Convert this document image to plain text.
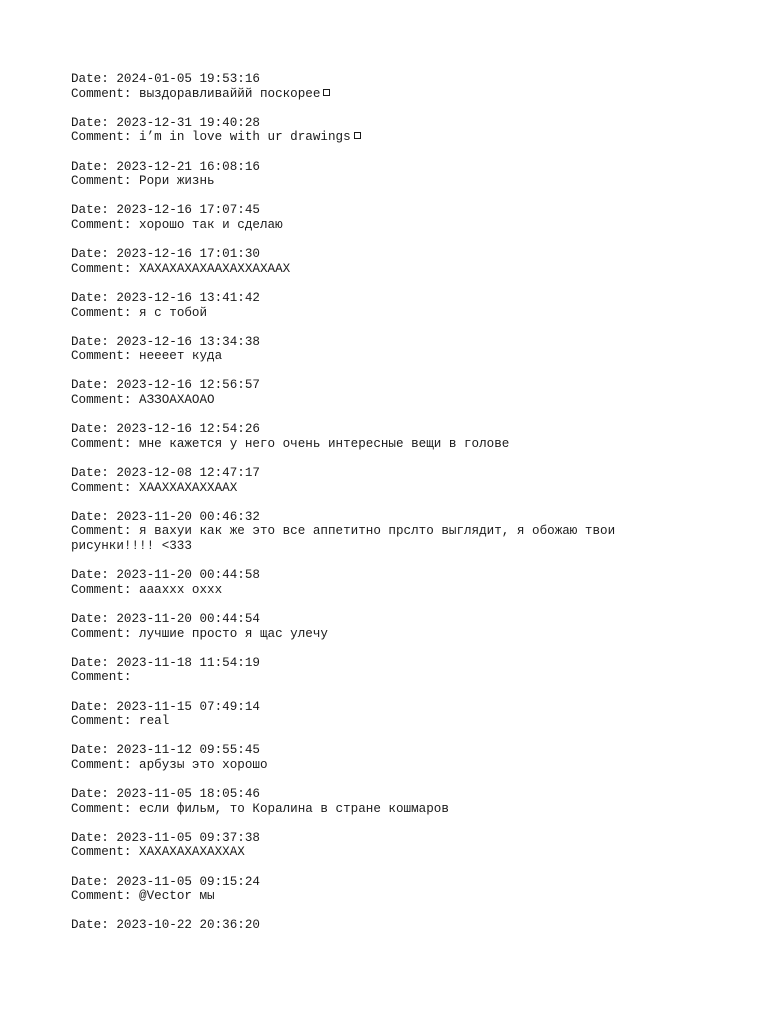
Date: 2024-01-05 19:53:16
Comment: выздоравливаййй поскорее
Date: 2023-12-31 19:40:28
Comment: i’m in love with ur drawings
Date: 2023-12-21 16:08:16
Comment: Рори жизнь
Date: 2023-12-16 17:07:45
Comment: хорошо так и сделаю
Date: 2023-12-16 17:01:30
Comment: ХАХАХАХАХААХАХХАХААХ
Date: 2023-12-16 13:41:42
Comment: я с тобой
Date: 2023-12-16 13:34:38
Comment: нееeет куда
Date: 2023-12-16 12:56:57
Comment: АЗЗОАХАОАО
Date: 2023-12-16 12:54:26
Comment: мне кажется у него очень интересные вещи в голове
Date: 2023-12-08 12:47:17
Comment: ХААХХАХАХХААХ
Date: 2023-11-20 00:46:32
Comment: я вахуи как же это все аппетитно прслто выглядит, я обожаю твои рисунки!!!! <333
Date: 2023-11-20 00:44:58
Comment: аааххх охxх
Date: 2023-11-20 00:44:54
Comment: лучшие просто я щас улечу
Date: 2023-11-18 11:54:19
Comment:
Date: 2023-11-15 07:49:14
Comment: real
Date: 2023-11-12 09:55:45
Comment: арбузы это хорошо
Date: 2023-11-05 18:05:46
Comment: если фильм, то Коралина в стране кошмаров
Date: 2023-11-05 09:37:38
Comment: ХАХАХАХАХАХХАХ
Date: 2023-11-05 09:15:24
Comment: @Vector мы
Date: 2023-10-22 20:36:20
